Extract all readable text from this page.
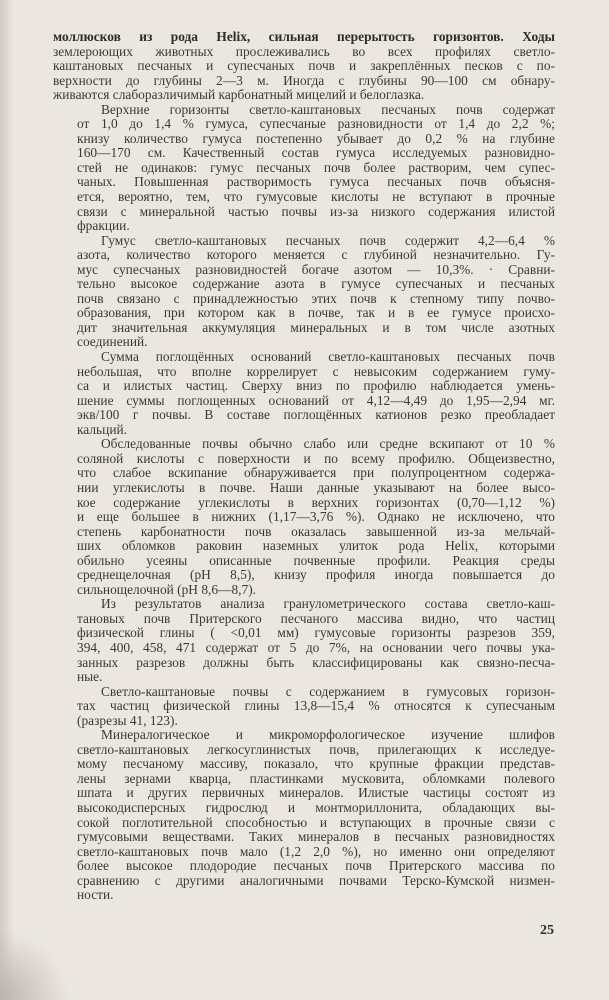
моллюсков из рода Helix, сильная перерытость горизонтов. Ходы
землероющих животных прослеживались во всех профилях светло-
каштановых песчаных и супесчаных почв и закреплённых песков с по-
верхности до глубины 2—3 м. Иногда с глубины 90—100 см обнару-
живаются слаборазличимый карбонатный мицелий и белоглазка.
Верхние горизонты светло-каштановых песчаных почв содержат
от 1,0 до 1,4 % гумуса, супесчаные разновидности от 1,4 до 2,2 %;
книзу количество гумуса постепенно убывает до 0,2 % на глубине
160—170 см. Качественный состав гумуса исследуемых разновидно-
стей не одинаков: гумус песчаных почв более растворим, чем супес-
чаных. Повышенная растворимость гумуса песчаных почв объясня-
ется, вероятно, тем, что гумусовые кислоты не вступают в прочные
связи с минеральной частью почвы из-за низкого содержания илистой
фракции.
Гумус светло-каштановых песчаных почв содержит 4,2—6,4 %
азота, количество которого меняется с глубиной незначительно. Гу-
мус супесчаных разновидностей богаче азотом — 10,3%. · Сравни-
тельно высокое содержание азота в гумусе супесчаных и песчаных
почв связано с принадлежностью этих почв к степному типу почво-
образования, при котором как в почве, так и в ее гумусе происхо-
дит значительная аккумуляция минеральных и в том числе азотных
соединений.
Сумма поглощённых оснований светло-каштановых песчаных почв
небольшая, что вполне коррелирует с невысоким содержанием гуму-
са и илистых частиц. Сверху вниз по профилю наблюдается умень-
шение суммы поглощенных оснований от 4,12—4,49 до 1,95—2,94 мг.
экв/100 г почвы. В составе поглощённых катионов резко преобладает
кальций.
Обследованные почвы обычно слабо или средне вскипают от 10 %
соляной кислоты с поверхности и по всему профилю. Общеизвестно,
что слабое вскипание обнаруживается при полупроцентном содержа-
нии углекислоты в почве. Наши данные указывают на более высо-
кое содержание углекислоты в верхних горизонтах (0,70—1,12 %)
и еще большее в нижних (1,17—3,76 %). Однако не исключено, что
степень карбонатности почв оказалась завышенной из-за мельчай-
ших обломков раковин наземных улиток рода Helix, которыми
обильно усеяны описанные почвенные профили. Реакция среды
среднещелочная (рН 8,5), книзу профиля иногда повышается до
сильнощелочной (рН 8,6—8,7).
Из результатов анализа гранулометрического состава светло-каш-
тановых почв Притерского песчаного массива видно, что частиц
физической глины ( <0,01 мм) гумусовые горизонты разрезов 359,
394, 400, 458, 471 содержат от 5 до 7%, на основании чего почвы ука-
занных разрезов должны быть классифицированы как связно-песча-
ные.
Светло-каштановые почвы с содержанием в гумусовых горизон-
тах частиц физической глины 13,8—15,4 % относятся к супесчаным
(разрезы 41, 123).
Минералогическое и микроморфологическое изучение шлифов
светло-каштановых легкосуглинистых почв, прилегающих к исследуе-
мому песчаному массиву, показало, что крупные фракции представ-
лены зернами кварца, пластинками мусковита, обломками полевого
шпата и других первичных минералов. Илистые частицы состоят из
высокодисперсных гидрослюд и монтмориллонита, обладающих вы-
сокой поглотительной способностью и вступающих в прочные связи с
гумусовыми веществами. Таких минералов в песчаных разновидностях
светло-каштановых почв мало (1,2 2,0 %), но именно они определяют
более высокое плодородие песчаных почв Притерского массива по
сравнению с другими аналогичными почвами Терско-Кумской низмен-
ности.
25
